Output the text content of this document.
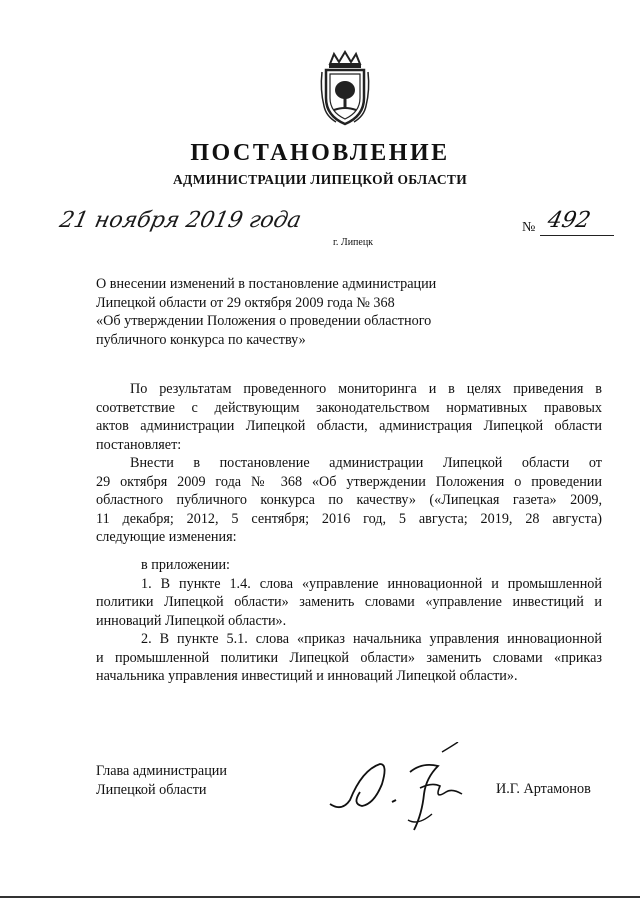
ПОСТАНОВЛЕНИЕ
АДМИНИСТРАЦИИ ЛИПЕЦКОЙ ОБЛАСТИ
21 ноября 2019 года	№ 492
г. Липецк
О внесении изменений в постановление администрации
Липецкой области от 29 октября 2009 года № 368
«Об утверждении Положения о проведении областного
публичного конкурса по качеству»
По результатам проведенного мониторинга и в целях приведения в
соответствие с действующим законодательством нормативных правовых
актов администрации Липецкой области, администрация Липецкой области
постановляет:
Внести в постановление администрации Липецкой области от
29 октября 2009 года № 368 «Об утверждении Положения о проведении
областного публичного конкурса по качеству» («Липецкая газета» 2009,
11 декабря; 2012, 5 сентября; 2016 год, 5 августа; 2019, 28 августа)
следующие изменения:
в приложении:
1. В пункте 1.4. слова «управление инновационной и промышленной
политики Липецкой области» заменить словами «управление инвестиций и
инноваций Липецкой области».
2. В пункте 5.1. слова «приказ начальника управления инновационной
и промышленной политики Липецкой области» заменить словами «приказ
начальника управления инвестиций и инноваций Липецкой области».
Глава администрации
Липецкой области	И.Г. Артамонов
